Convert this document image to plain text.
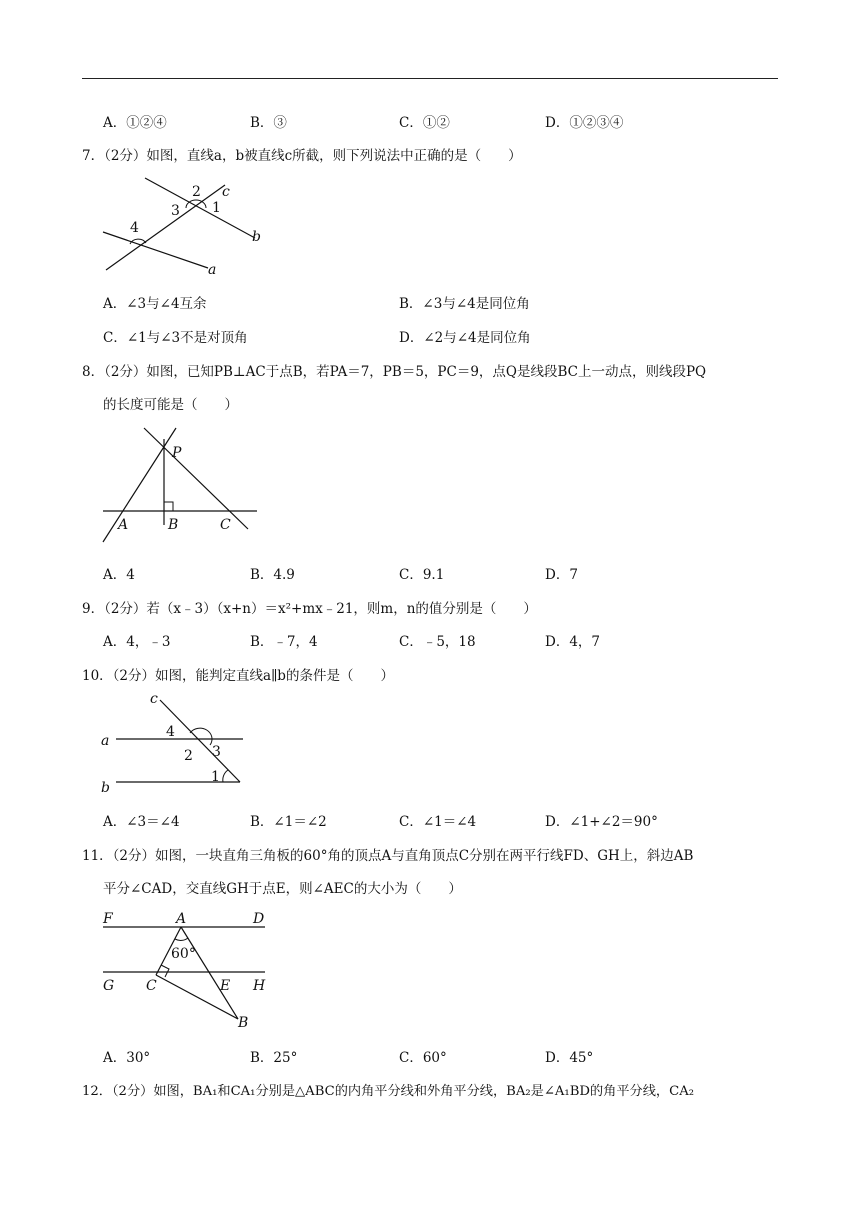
A．①②④	B．③	C．①②	D．①②③④
7．（2分）如图，直线a，b被直线c所截，则下列说法中正确的是（　　）
2 c
3 1
4
b
a
A．∠3与∠4互余	B．∠3与∠4是同位角
C．∠1与∠3不是对顶角	D．∠2与∠4是同位角
8．（2分）如图，已知PB⊥AC于点B，若PA＝7，PB＝5，PC＝9，点Q是线段BC上一动点，则线段PQ
的长度可能是（　　）
P
A	B	C
A．4	B．4.9	C．9.1	D．7
9．（2分）若（x﹣3）（x+n）＝x²+mx﹣21，则m，n的值分别是（　　）
A．4，﹣3	B．﹣7，4	C．﹣5，18	D．4，7
10．（2分）如图，能判定直线a∥b的条件是（　　）
c
a
b
4
3
2
1
A．∠3＝∠4	B．∠1＝∠2	C．∠1＝∠4	D．∠1+∠2＝90°
11．（2分）如图，一块直角三角板的60°角的顶点A与直角顶点C分别在两平行线FD、GH上，斜边AB
平分∠CAD，交直线GH于点E，则∠AEC的大小为（　　）
F	A	D
60°
G C	E H
B
A．30°	B．25°	C．60°	D．45°
12．（2分）如图，BA₁和CA₁分别是△ABC的内角平分线和外角平分线，BA₂是∠A₁BD的角平分线，CA₂
